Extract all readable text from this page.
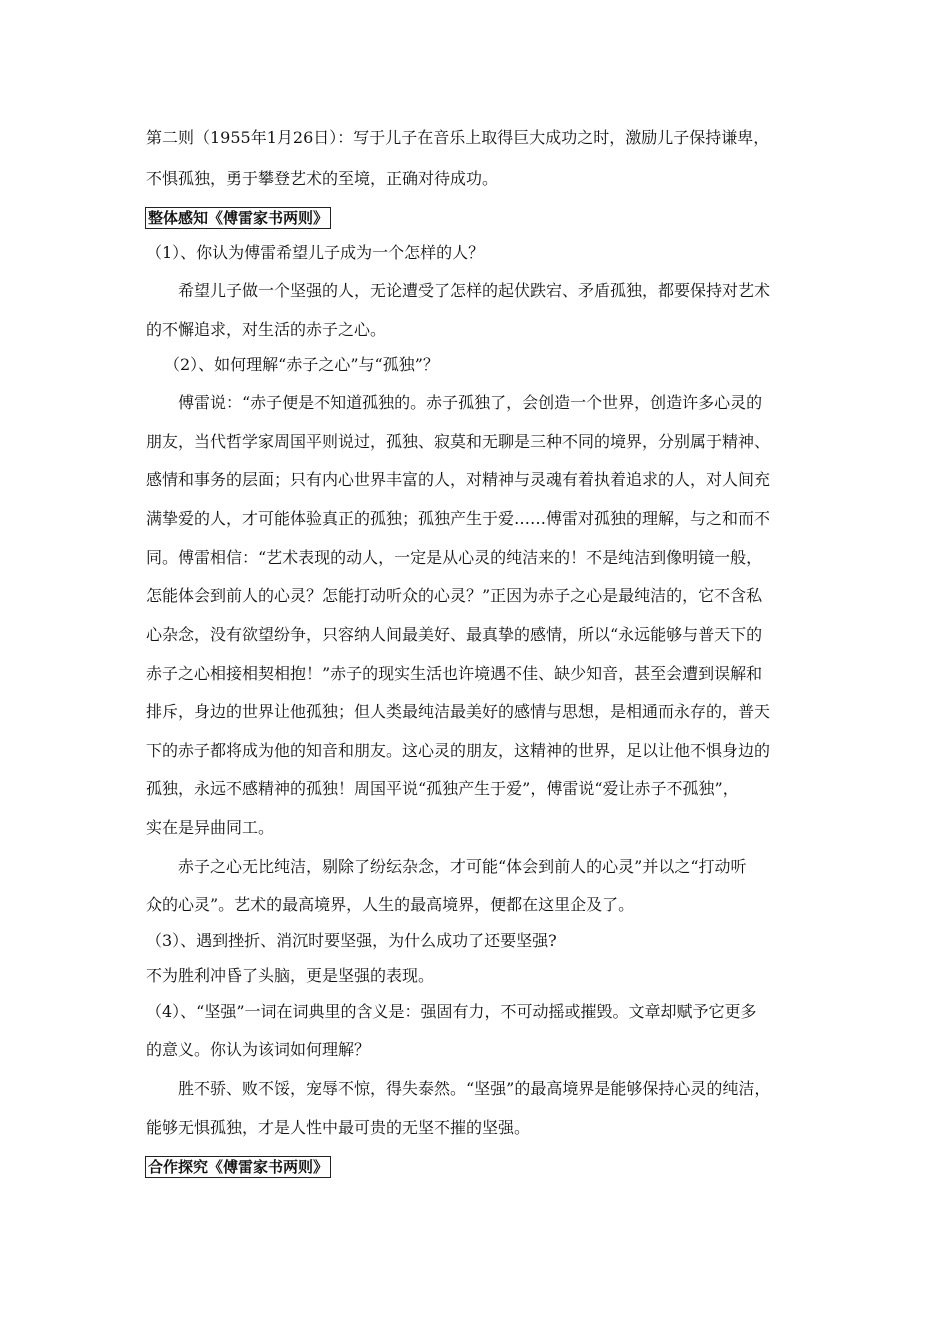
第二则（1955年1月26日）：写于儿子在音乐上取得巨大成功之时，激励儿子保持谦卑，
不惧孤独，勇于攀登艺术的至境，正确对待成功。
整体感知《傅雷家书两则》
（1）、你认为傅雷希望儿子成为一个怎样的人？
希望儿子做一个坚强的人，无论遭受了怎样的起伏跌宕、矛盾孤独，都要保持对艺术
的不懈追求，对生活的赤子之心。
（2）、如何理解“赤子之心”与“孤独”？
傅雷说：“赤子便是不知道孤独的。赤子孤独了，会创造一个世界，创造许多心灵的
朋友，当代哲学家周国平则说过，孤独、寂莫和无聊是三种不同的境界，分别属于精神、
感情和事务的层面；只有内心世界丰富的人，对精神与灵魂有着执着追求的人，对人间充
满挚爱的人，才可能体验真正的孤独；孤独产生于爱……傅雷对孤独的理解，与之和而不
同。傅雷相信：“艺术表现的动人，一定是从心灵的纯洁来的！不是纯洁到像明镜一般，
怎能体会到前人的心灵？怎能打动听众的心灵？”正因为赤子之心是最纯洁的，它不含私
心杂念，没有欲望纷争，只容纳人间最美好、最真挚的感情，所以“永远能够与普天下的
赤子之心相接相契相抱！”赤子的现实生活也许境遇不佳、缺少知音，甚至会遭到误解和
排斥，身边的世界让他孤独；但人类最纯洁最美好的感情与思想，是相通而永存的，普天
下的赤子都将成为他的知音和朋友。这心灵的朋友，这精神的世界，足以让他不惧身边的
孤独，永远不感精神的孤独！周国平说“孤独产生于爱”，傅雷说“爱让赤子不孤独”，
实在是异曲同工。
赤子之心无比纯洁，剔除了纷纭杂念，才可能“体会到前人的心灵”并以之“打动听
众的心灵”。艺术的最高境界，人生的最高境界，便都在这里企及了。
（3）、遇到挫折、消沉时要坚强，为什么成功了还要坚强?
不为胜利冲昏了头脑，更是坚强的表现。
（4）、“坚强”一词在词典里的含义是：强固有力，不可动摇或摧毁。文章却赋予它更多
的意义。你认为该词如何理解？
胜不骄、败不馁，宠辱不惊，得失泰然。“坚强”的最高境界是能够保持心灵的纯洁，
能够无惧孤独，才是人性中最可贵的无坚不摧的坚强。
合作探究《傅雷家书两则》
